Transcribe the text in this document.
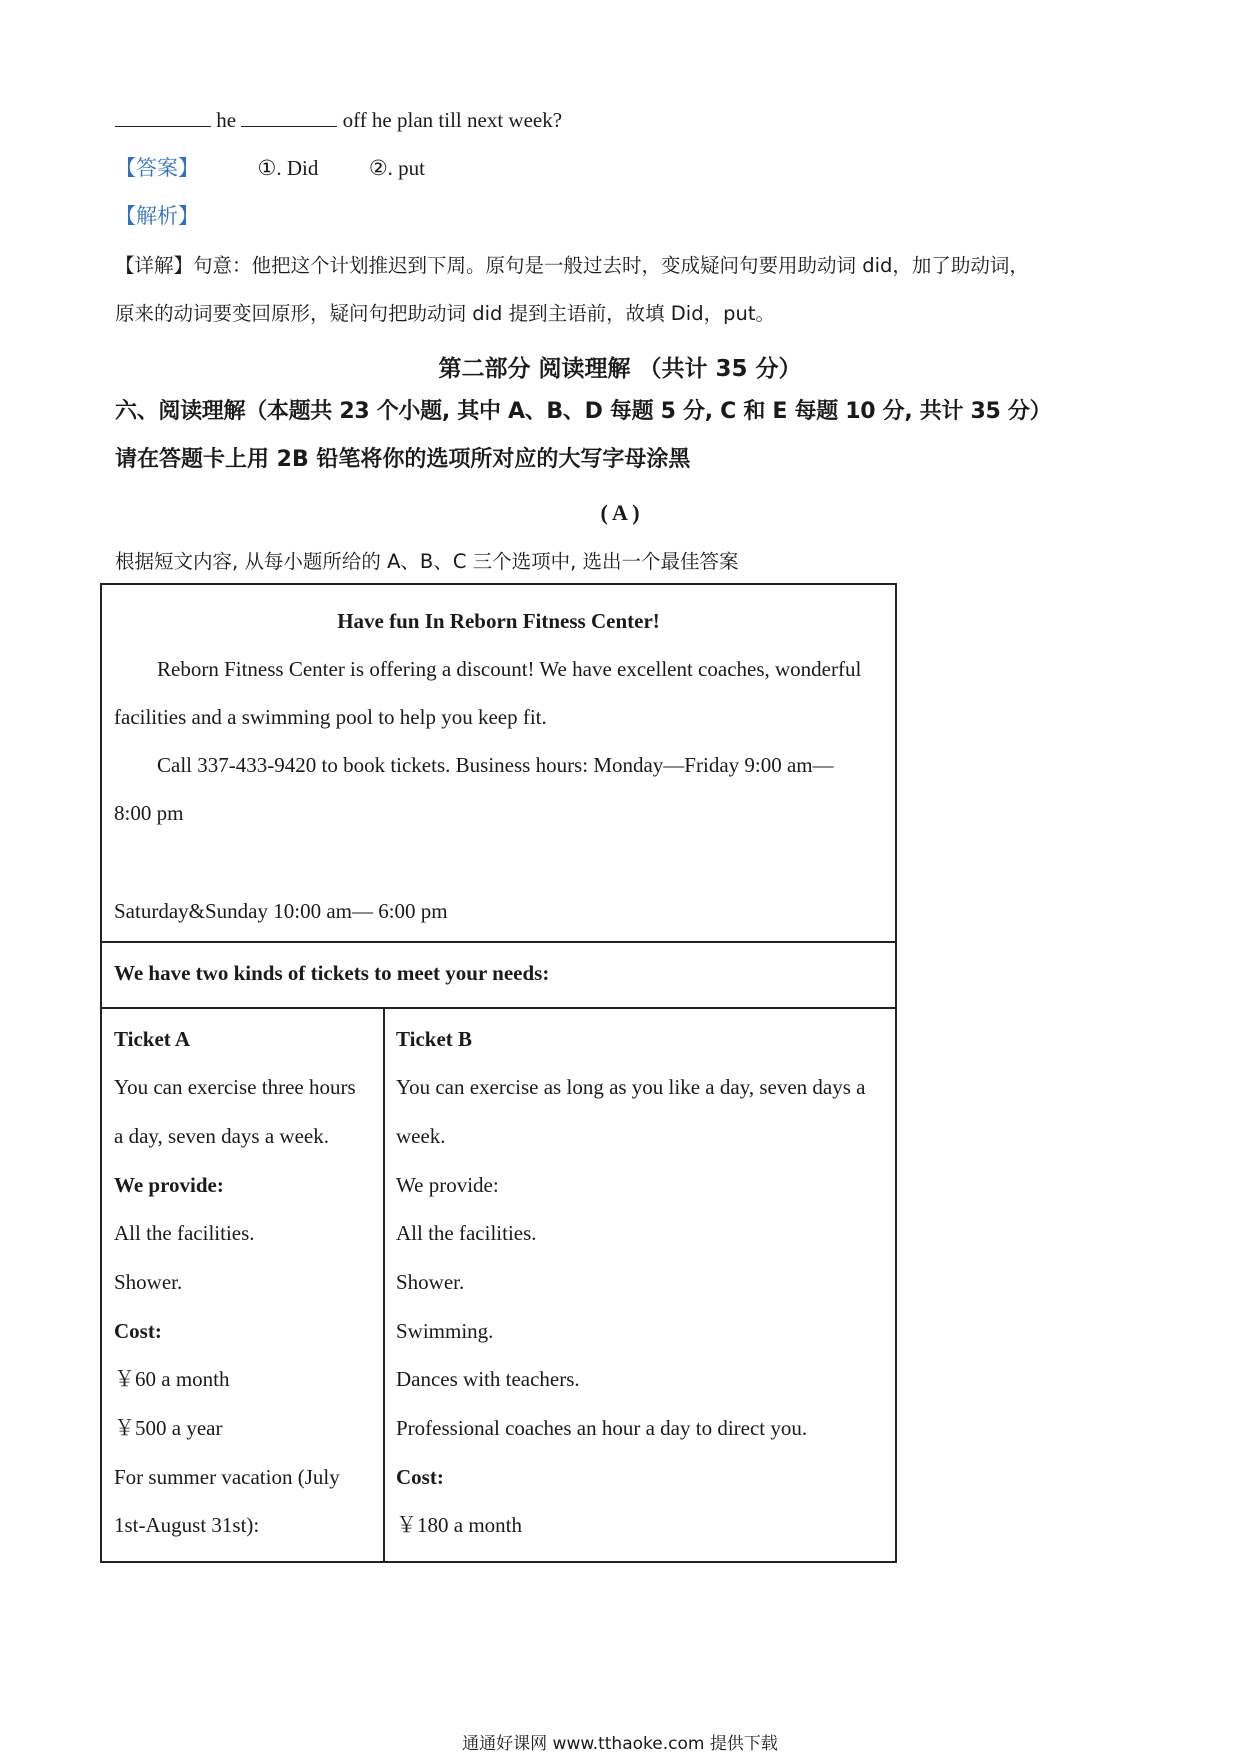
he	off he plan till next week?
【答案】	①. Did ②. put
【解析】
【详解】句意：他把这个计划推迟到下周。原句是一般过去时，变成疑问句要用助动词 did，加了助动词，
原来的动词要变回原形，疑问句把助动词 did 提到主语前，故填 Did，put。
第二部分 阅读理解 （共计 35 分）
六、阅读理解（本题共 23 个小题, 其中 A、B、D 每题 5 分, C 和 E 每题 10 分, 共计 35 分）
请在答题卡上用 2B 铅笔将你的选项所对应的大写字母涂黑
( A )
根据短文内容, 从每小题所给的 A、B、C 三个选项中, 选出一个最佳答案
Have fun In Reborn Fitness Center!
Reborn Fitness Center is offering a discount! We have excellent coaches, wonderful
facilities and a swimming pool to help you keep fit.
Call 337-433-9420 to book tickets. Business hours: Monday—Friday 9:00 am—
8:00 pm
Saturday&Sunday 10:00 am— 6:00 pm
We have two kinds of tickets to meet your needs:
Ticket A
You can exercise three hours
a day, seven days a week.
We provide:
All the facilities.
Shower.
Cost:
￥60 a month
￥500 a year
For summer vacation (July
1st-August 31st):
Ticket B
You can exercise as long as you like a day, seven days a
week.
We provide:
All the facilities.
Shower.
Swimming.
Dances with teachers.
Professional coaches an hour a day to direct you.
Cost:
￥180 a month
通通好课网 www.tthaoke.com 提供下载
